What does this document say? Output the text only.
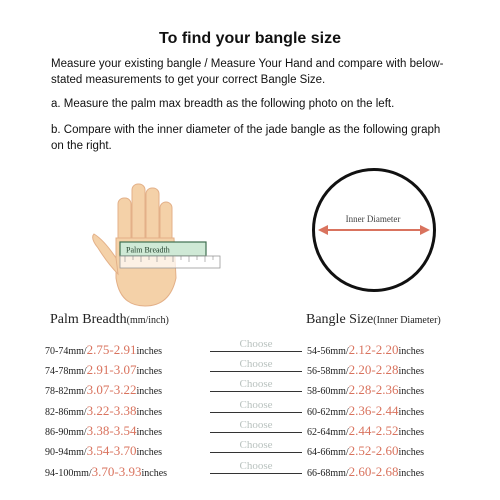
To find your bangle size
Measure your existing bangle / Measure Your Hand and compare with below-stated measurements to get your correct Bangle Size.
a. Measure the palm max breadth as the following photo on the left.
b. Compare with the inner diameter of the jade bangle as the following graph on the right.
Palm Breadth
Inner Diameter
Palm Breadth(mm/inch)	Bangle Size(Inner Diameter)
70-74mm/2.75-2.91inches
Choose
54-56mm/2.12-2.20inches
74-78mm/2.91-3.07inches
Choose
56-58mm/2.20-2.28inches
78-82mm/3.07-3.22inches
Choose
58-60mm/2.28-2.36inches
82-86mm/3.22-3.38inches
Choose
60-62mm/2.36-2.44inches
86-90mm/3.38-3.54inches
Choose
62-64mm/2.44-2.52inches
90-94mm/3.54-3.70inches
Choose
64-66mm/2.52-2.60inches
94-100mm/3.70-3.93inches
Choose
66-68mm/2.60-2.68inches
